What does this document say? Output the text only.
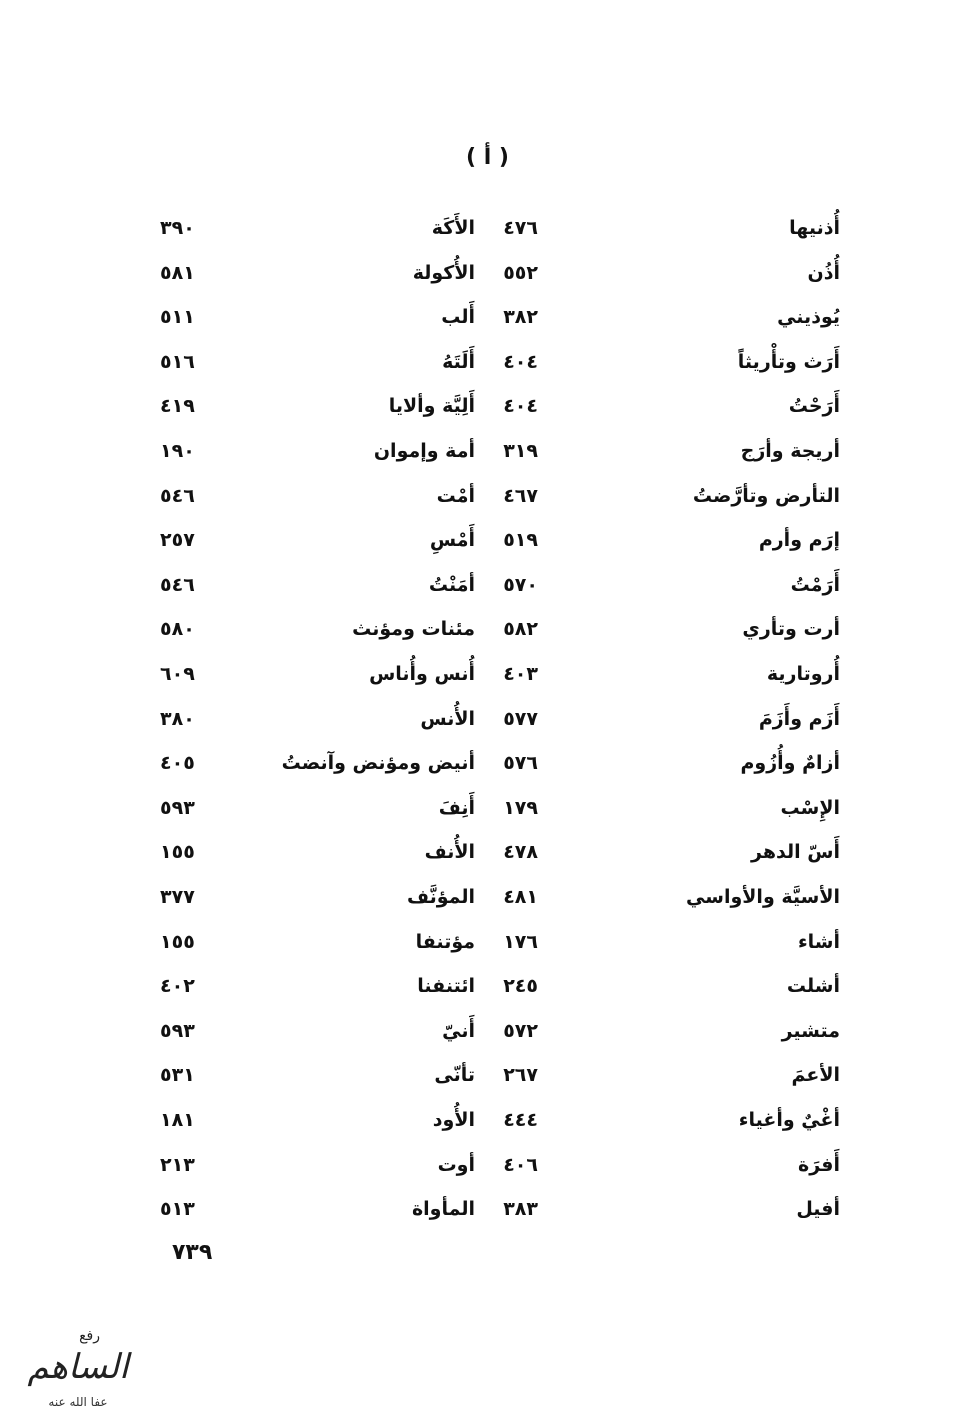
( أ )
أُذنيها
٤٧٦
الأَكَة
٣٩٠
أُذُن
٥٥٢
الأُكولة
٥٨١
يُوذيني
٣٨٢
أَلب
٥١١
أَرَث وتأْريثاً
٤٠٤
أَلَتَهُ
٥١٦
أَرَحْتُ
٤٠٤
أَلِيَّة وألايا
٤١٩
أريجة وأرَج
٣١٩
أمة وإموان
١٩٠
التأرض وتأرَّضتُ
٤٦٧
أمْت
٥٤٦
إرَم وأرم
٥١٩
أَمْسِ
٢٥٧
أَرَمْتُ
٥٧٠
أمَنْتُ
٥٤٦
أرت وتأري
٥٨٢
مئنات ومؤنث
٥٨٠
أُروتارية
٤٠٣
أُنس وأُناس
٦٠٩
أَزَم وأَزَمَ
٥٧٧
الأُنس
٣٨٠
أزامٌ وأُزُوم
٥٧٦
أنيض ومؤنض وآنضتُ
٤٠٥
الإِسْب
١٧٩
أَنِفَ
٥٩٣
أَسّ الدهر
٤٧٨
الأُنف
١٥٥
الأسيَّة والأواسي
٤٨١
المؤنَّف
٣٧٧
أشاء
١٧٦
مؤتنفا
١٥٥
أشلت
٢٤٥
ائتنفنا
٤٠٢
متشير
٥٧٢
أَنيّ
٥٩٣
الأعمَ
٢٦٧
تأنّى
٥٣١
أغْيٌ وأغياء
٤٤٤
الأُود
١٨١
أَفرَة
٤٠٦
أوت
٢١٣
أفيل
٣٨٣
المأواة
٥١٣
٧٣٩
رفع
الساهم
عفا الله عنه
